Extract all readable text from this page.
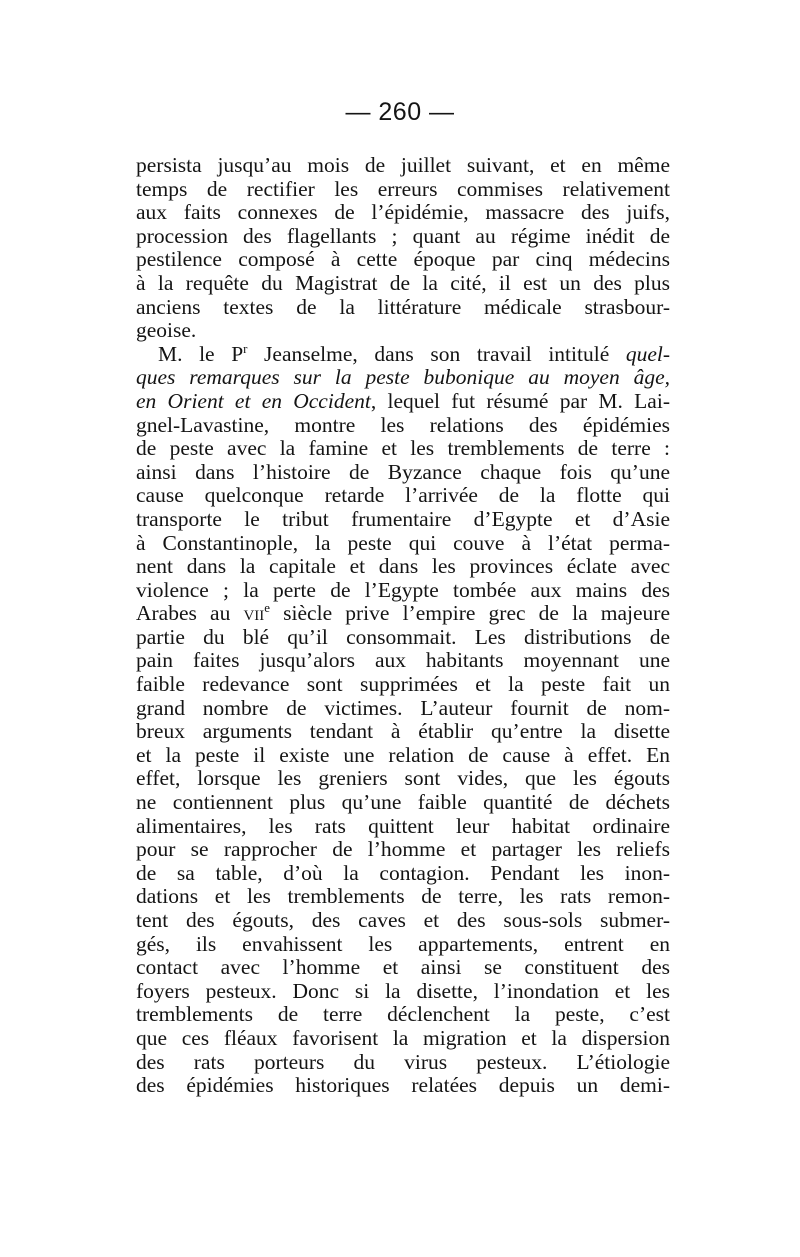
— 260 —
persista jusqu’au mois de juillet suivant, et en même
temps de rectifier les erreurs commises relativement
aux faits connexes de l’épidémie, massacre des juifs,
procession des flagellants ; quant au régime inédit de
pestilence composé à cette époque par cinq médecins
à la requête du Magistrat de la cité, il est un des plus
anciens textes de la littérature médicale strasbour-
geoise.
M. le $P^r$ Jeanselme, dans son travail intitulé quel-
ques remarques sur la peste bubonique au moyen âge,
en Orient et en Occident, lequel fut résumé par M. Lai-
gnel-Lavastine, montre les relations des épidémies
de peste avec la famine et les tremblements de terre :
ainsi dans l’histoire de Byzance chaque fois qu’une
cause quelconque retarde l’arrivée de la flotte qui
transporte le tribut frumentaire d’Egypte et d’Asie
à Constantinople, la peste qui couve à l’état perma-
nent dans la capitale et dans les provinces éclate avec
violence ; la perte de l’Egypte tombée aux mains des
Arabes au vii$^e$ siècle prive l’empire grec de la majeure
partie du blé qu’il consommait. Les distributions de
pain faites jusqu’alors aux habitants moyennant une
faible redevance sont supprimées et la peste fait un
grand nombre de victimes. L’auteur fournit de nom-
breux arguments tendant à établir qu’entre la disette
et la peste il existe une relation de cause à effet. En
effet, lorsque les greniers sont vides, que les égouts
ne contiennent plus qu’une faible quantité de déchets
alimentaires, les rats quittent leur habitat ordinaire
pour se rapprocher de l’homme et partager les reliefs
de sa table, d’où la contagion. Pendant les inon-
dations et les tremblements de terre, les rats remon-
tent des égouts, des caves et des sous-sols submer-
gés, ils envahissent les appartements, entrent en
contact avec l’homme et ainsi se constituent des
foyers pesteux. Donc si la disette, l’inondation et les
tremblements de terre déclenchent la peste, c’est
que ces fléaux favorisent la migration et la dispersion
des rats porteurs du virus pesteux. L’étiologie
des épidémies historiques relatées depuis un demi-
